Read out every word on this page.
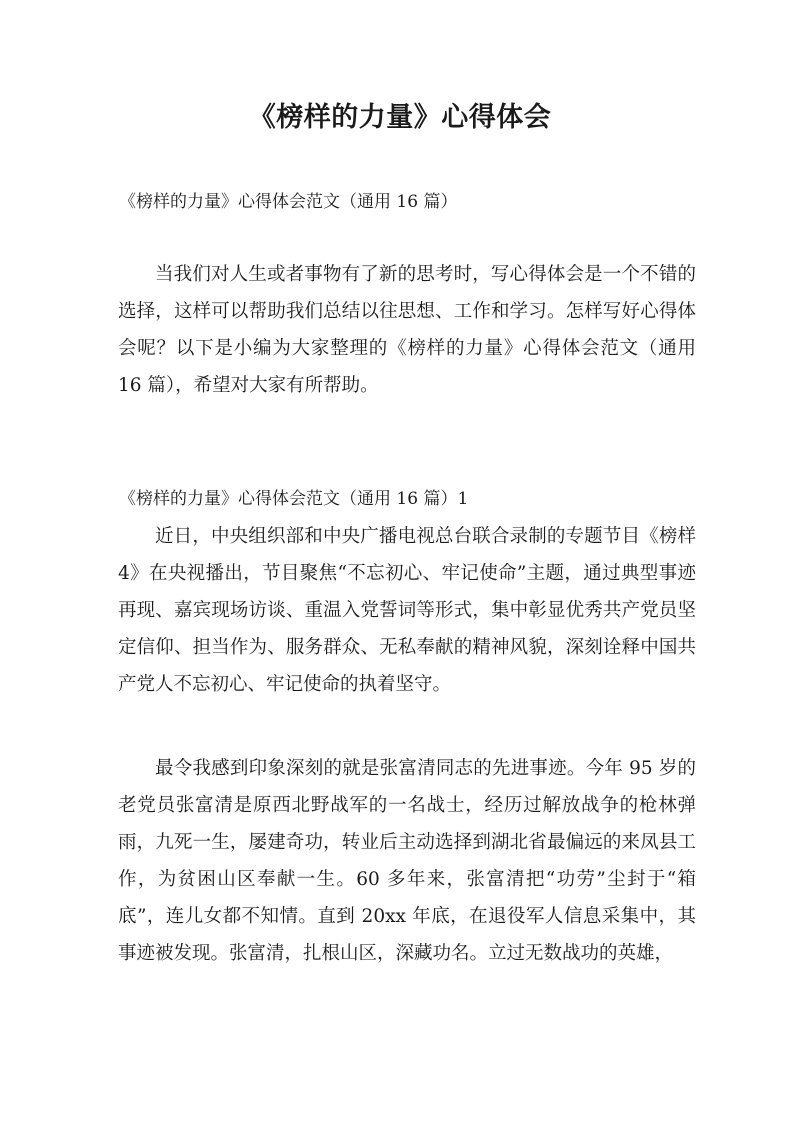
《榜样的力量》心得体会
《榜样的力量》心得体会范文（通用 16 篇）

当我们对人生或者事物有了新的思考时，写心得体会是一个不错的选择，这样可以帮助我们总结以往思想、工作和学习。怎样写好心得体会呢？以下是小编为大家整理的《榜样的力量》心得体会范文（通用 16 篇），希望对大家有所帮助。

《榜样的力量》心得体会范文（通用 16 篇）1

近日，中央组织部和中央广播电视总台联合录制的专题节目《榜样 4》在央视播出，节目聚焦“不忘初心、牢记使命”主题，通过典型事迹再现、嘉宾现场访谈、重温入党誓词等形式，集中彰显优秀共产党员坚定信仰、担当作为、服务群众、无私奉献的精神风貌，深刻诠释中国共产党人不忘初心、牢记使命的执着坚守。

最令我感到印象深刻的就是张富清同志的先进事迹。今年 95 岁的老党员张富清是原西北野战军的一名战士，经历过解放战争的枪林弹雨，九死一生，屡建奇功，转业后主动选择到湖北省最偏远的来凤县工作，为贫困山区奉献一生。60 多年来，张富清把“功劳”尘封于“箱底”，连儿女都不知情。直到 20xx 年底，在退役军人信息采集中，其事迹被发现。张富清，扎根山区，深藏功名。立过无数战功的英雄，
